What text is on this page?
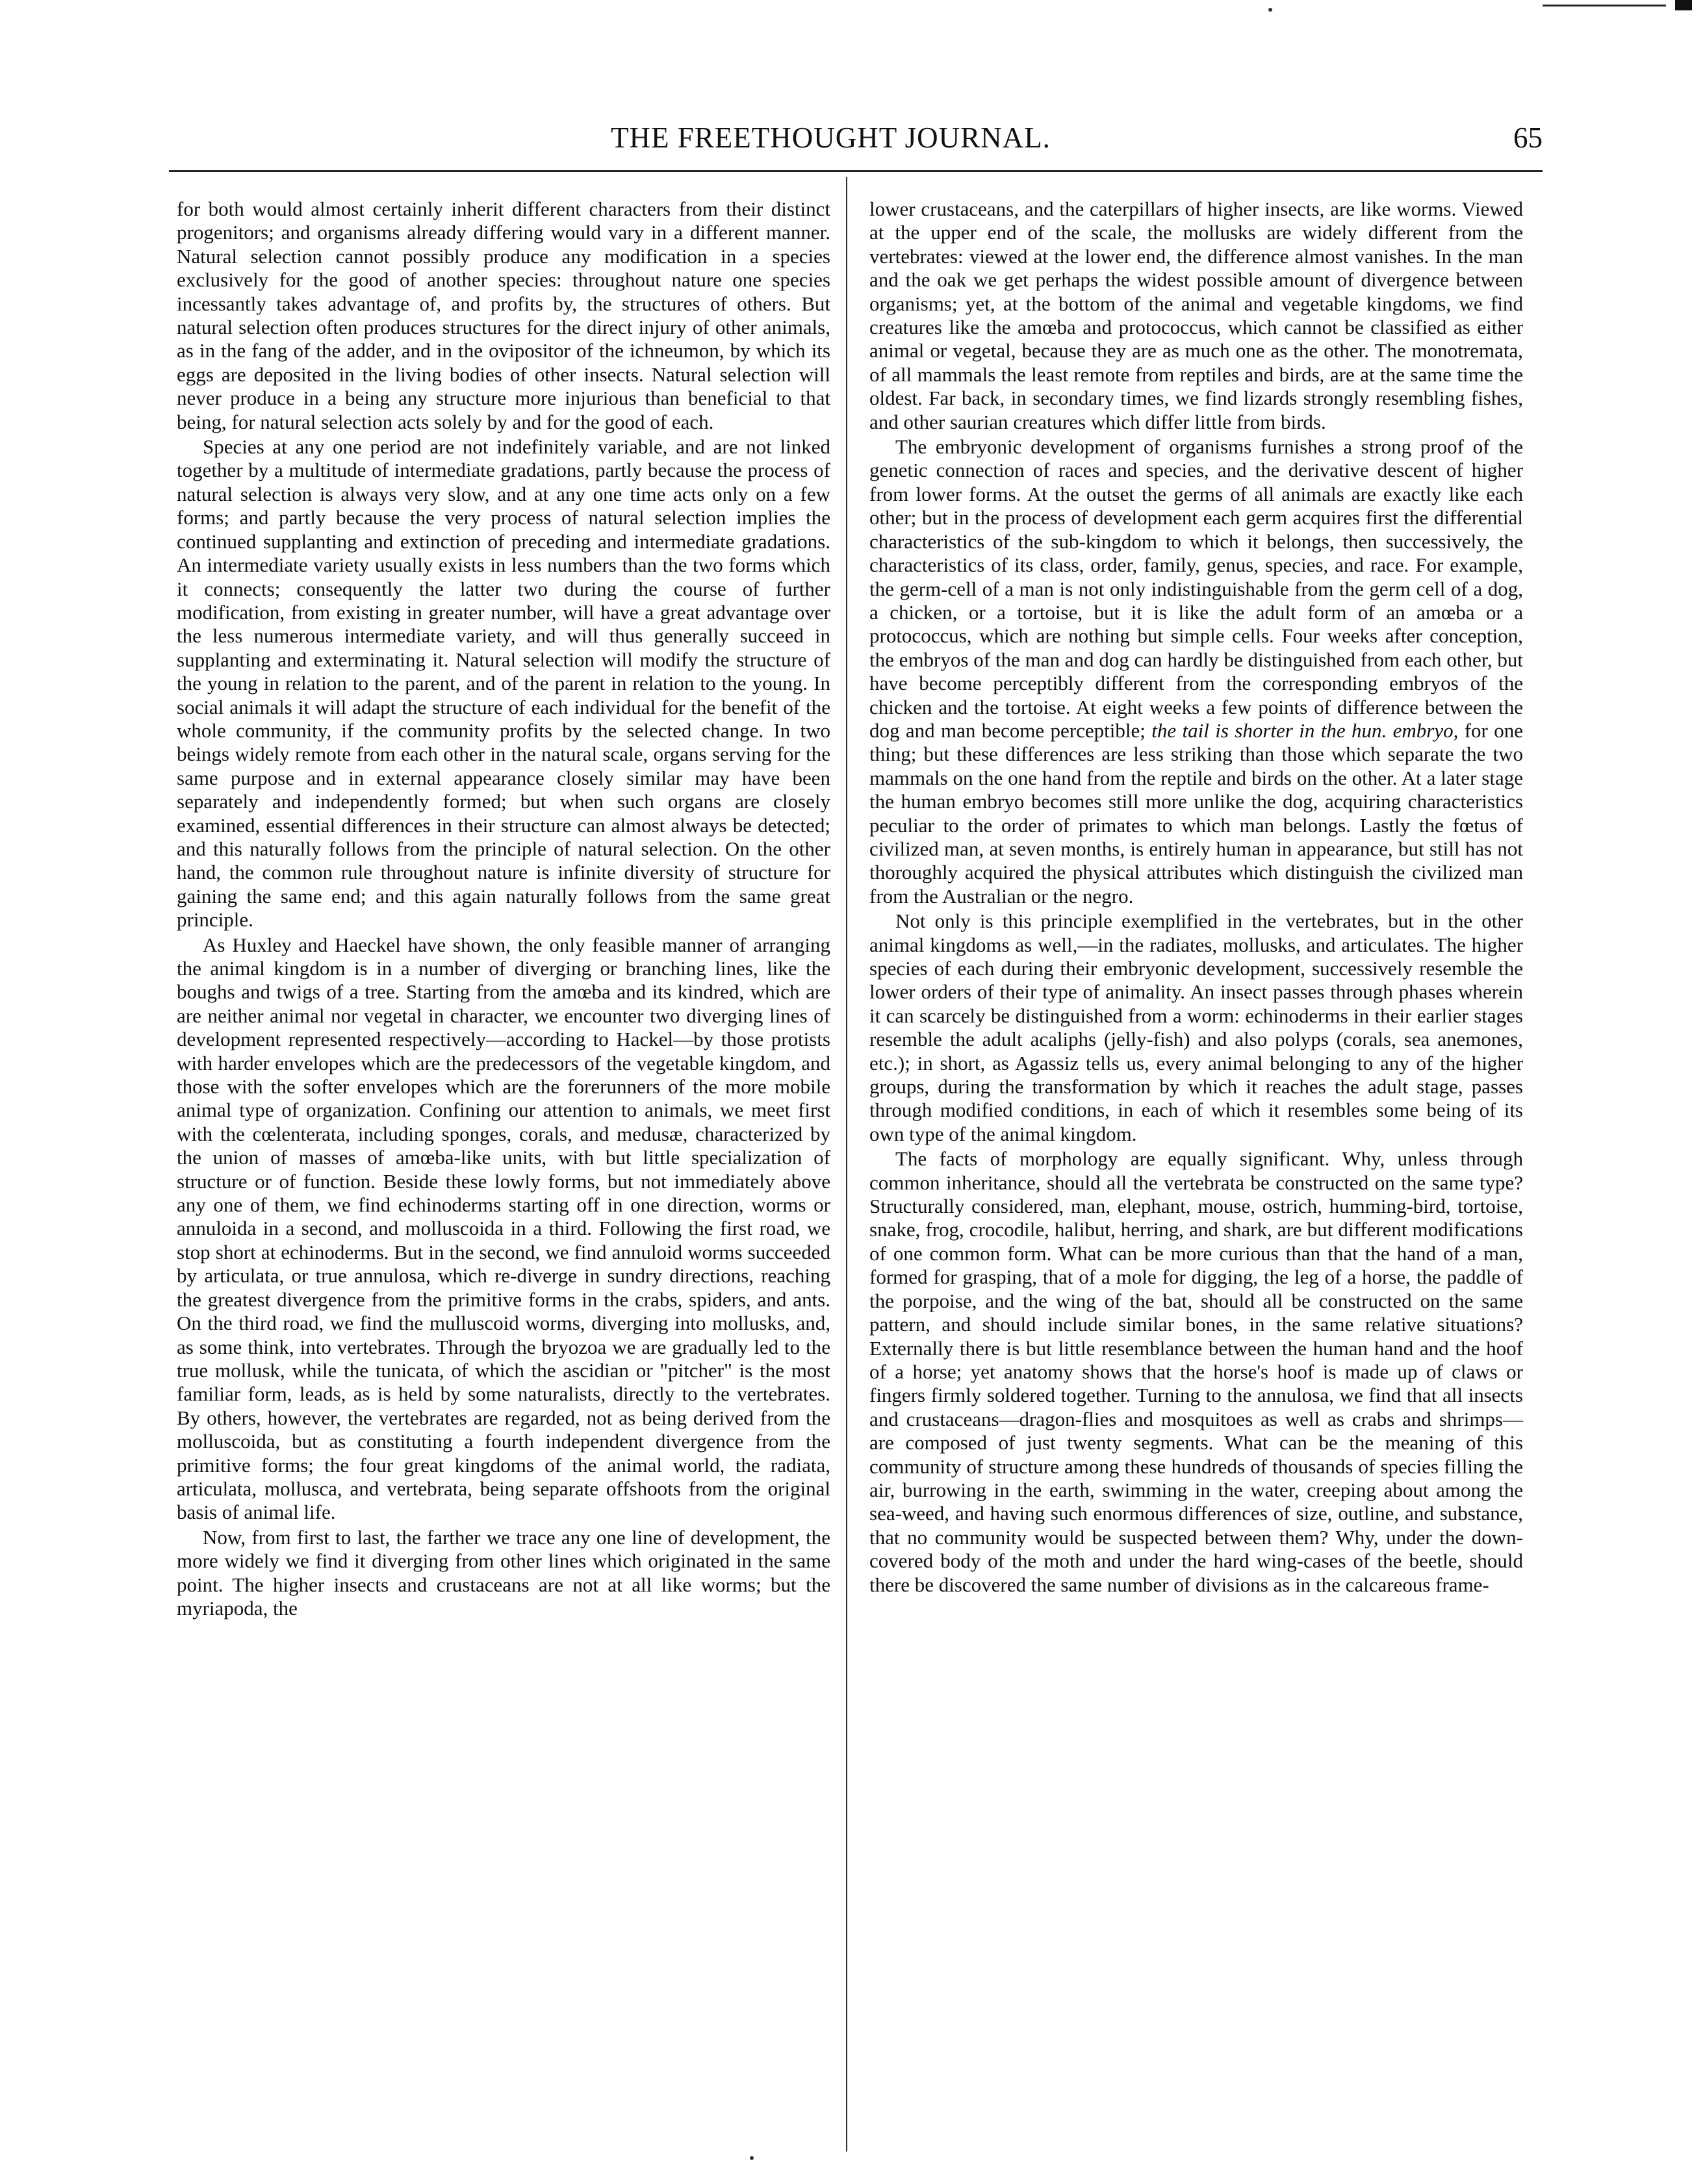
THE FREETHOUGHT JOURNAL.	65

for both would almost certainly inherit different characters from their distinct progenitors; and organisms already differing would vary in a different manner. Natural selection cannot possibly produce any modification in a species exclusively for the good of another species: throughout nature one species incessantly takes advantage of, and profits by, the structures of others. But natural selection often produces structures for the direct injury of other animals, as in the fang of the adder, and in the ovipositor of the ichneumon, by which its eggs are deposited in the living bodies of other insects. Natural selection will never produce in a being any structure more injurious than beneficial to that being, for natural selection acts solely by and for the good of each.

Species at any one period are not indefinitely variable, and are not linked together by a multitude of intermediate gradations, partly because the process of natural selection is always very slow, and at any one time acts only on a few forms; and partly because the very process of natural selection implies the continued supplanting and extinction of preceding and intermediate gradations. An intermediate variety usually exists in less numbers than the two forms which it connects; consequently the latter two during the course of further modification, from existing in greater number, will have a great advantage over the less numerous intermediate variety, and will thus generally succeed in supplanting and exterminating it. Natural selection will modify the structure of the young in relation to the parent, and of the parent in relation to the young. In social animals it will adapt the structure of each individual for the benefit of the whole community, if the community profits by the selected change. In two beings widely remote from each other in the natural scale, organs serving for the same purpose and in external appearance closely similar may have been separately and independently formed; but when such organs are closely examined, essential differences in their structure can almost always be detected; and this naturally follows from the principle of natural selection. On the other hand, the common rule throughout nature is infinite diversity of structure for gaining the same end; and this again naturally follows from the same great principle.

As Huxley and Haeckel have shown, the only feasible manner of arranging the animal kingdom is in a number of diverging or branching lines, like the boughs and twigs of a tree. Starting from the amœba and its kindred, which are are neither animal nor vegetal in character, we encounter two diverging lines of development represented respectively—according to Hackel—by those protists with harder envelopes which are the predecessors of the vegetable kingdom, and those with the softer envelopes which are the forerunners of the more mobile animal type of organization. Confining our attention to animals, we meet first with the cœlenterata, including sponges, corals, and medusæ, characterized by the union of masses of amœba-like units, with but little specialization of structure or of function. Beside these lowly forms, but not immediately above any one of them, we find echinoderms starting off in one direction, worms or annuloida in a second, and molluscoida in a third. Following the first road, we stop short at echinoderms. But in the second, we find annuloid worms succeeded by articulata, or true annulosa, which re-diverge in sundry directions, reaching the greatest divergence from the primitive forms in the crabs, spiders, and ants. On the third road, we find the mulluscoid worms, diverging into mollusks, and, as some think, into vertebrates. Through the bryozoa we are gradually led to the true mollusk, while the tunicata, of which the ascidian or "pitcher" is the most familiar form, leads, as is held by some naturalists, directly to the vertebrates. By others, however, the vertebrates are regarded, not as being derived from the molluscoida, but as constituting a fourth independent divergence from the primitive forms; the four great kingdoms of the animal world, the radiata, articulata, mollusca, and vertebrata, being separate offshoots from the original basis of animal life.

Now, from first to last, the farther we trace any one line of development, the more widely we find it diverging from other lines which originated in the same point. The higher insects and crustaceans are not at all like worms; but the myriapoda, the

lower crustaceans, and the caterpillars of higher insects, are like worms. Viewed at the upper end of the scale, the mollusks are widely different from the vertebrates: viewed at the lower end, the difference almost vanishes. In the man and the oak we get perhaps the widest possible amount of divergence between organisms; yet, at the bottom of the animal and vegetable kingdoms, we find creatures like the amœba and protococcus, which cannot be classified as either animal or vegetal, because they are as much one as the other. The monotremata, of all mammals the least remote from reptiles and birds, are at the same time the oldest. Far back, in secondary times, we find lizards strongly resembling fishes, and other saurian creatures which differ little from birds.

The embryonic development of organisms furnishes a strong proof of the genetic connection of races and species, and the derivative descent of higher from lower forms. At the outset the germs of all animals are exactly like each other; but in the process of development each germ acquires first the differential characteristics of the sub-kingdom to which it belongs, then successively, the characteristics of its class, order, family, genus, species, and race. For example, the germ-cell of a man is not only indistinguishable from the germ cell of a dog, a chicken, or a tortoise, but it is like the adult form of an amœba or a protococcus, which are nothing but simple cells. Four weeks after conception, the embryos of the man and dog can hardly be distinguished from each other, but have become perceptibly different from the corresponding embryos of the chicken and the tortoise. At eight weeks a few points of difference between the dog and man become perceptible; the tail is shorter in the hun. embryo, for one thing; but these differences are less striking than those which separate the two mammals on the one hand from the reptile and birds on the other. At a later stage the human embryo becomes still more unlike the dog, acquiring characteristics peculiar to the order of primates to which man belongs. Lastly the fœtus of civilized man, at seven months, is entirely human in appearance, but still has not thoroughly acquired the physical attributes which distinguish the civilized man from the Australian or the negro.

Not only is this principle exemplified in the vertebrates, but in the other animal kingdoms as well,—in the radiates, mollusks, and articulates. The higher species of each during their embryonic development, successively resemble the lower orders of their type of animality. An insect passes through phases wherein it can scarcely be distinguished from a worm: echinoderms in their earlier stages resemble the adult acaliphs (jelly-fish) and also polyps (corals, sea anemones, etc.); in short, as Agassiz tells us, every animal belonging to any of the higher groups, during the transformation by which it reaches the adult stage, passes through modified conditions, in each of which it resembles some being of its own type of the animal kingdom.

The facts of morphology are equally significant. Why, unless through common inheritance, should all the vertebrata be constructed on the same type? Structurally considered, man, elephant, mouse, ostrich, humming-bird, tortoise, snake, frog, crocodile, halibut, herring, and shark, are but different modifications of one common form. What can be more curious than that the hand of a man, formed for grasping, that of a mole for digging, the leg of a horse, the paddle of the porpoise, and the wing of the bat, should all be constructed on the same pattern, and should include similar bones, in the same relative situations? Externally there is but little resemblance between the human hand and the hoof of a horse; yet anatomy shows that the horse's hoof is made up of claws or fingers firmly soldered together. Turning to the annulosa, we find that all insects and crustaceans—dragon-flies and mosquitoes as well as crabs and shrimps—are composed of just twenty segments. What can be the meaning of this community of structure among these hundreds of thousands of species filling the air, burrowing in the earth, swimming in the water, creeping about among the sea-weed, and having such enormous differences of size, outline, and substance, that no community would be suspected between them? Why, under the down-covered body of the moth and under the hard wing-cases of the beetle, should there be discovered the same number of divisions as in the calcareous frame-
